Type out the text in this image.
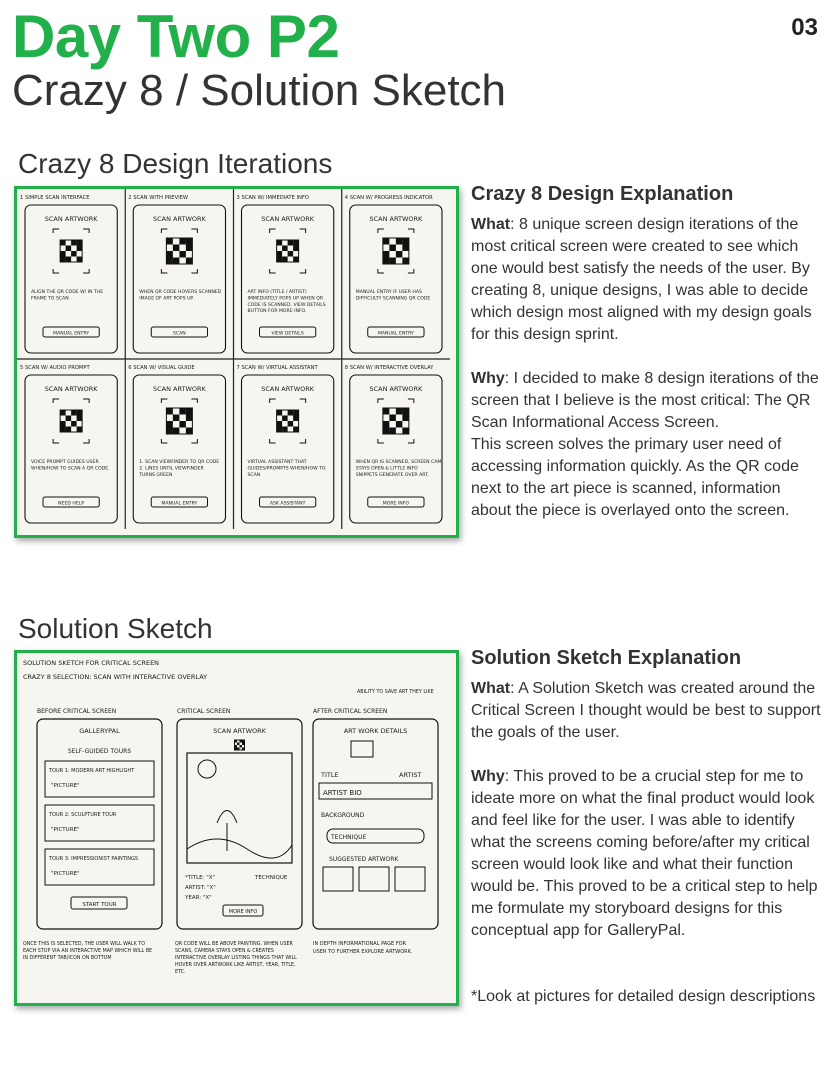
Day Two P2
Crazy 8 / Solution Sketch
03
Crazy 8 Design Iterations
1 SIMPLE SCAN INTERFACE
SCAN ARTWORK
ALIGN THE QR CODE W/ IN THE
FRAME TO SCAN
MANUAL ENTRY
2 SCAN WITH PREVIEW
SCAN ARTWORK
WHEN QR CODE HOVERS SCANNED
IMAGE OF ART POPS UP
SCAN
3 SCAN W/ IMMEDIATE INFO
SCAN ARTWORK
ART INFO (TITLE / ARTIST)
IMMEDIATELY POPS UP WHEN QR
CODE IS SCANNED. VIEW DETAILS
BUTTON FOR MORE INFO.
VIEW DETAILS
4 SCAN W/ PROGRESS INDICATOR
SCAN ARTWORK
MANUAL ENTRY IF USER HAS
DIFFICULTY SCANNING QR CODE
MANUAL ENTRY
5 SCAN W/ AUDIO PROMPT
SCAN ARTWORK
VOICE PROMPT GUIDES USER
WHEN/HOW TO SCAN A QR CODE.
NEED HELP
6 SCAN W/ VISUAL GUIDE
SCAN ARTWORK
1. SCAN VIEWFINDER TO QR CODE
2. LINES UNTIL VIEWFINDER
TURNS GREEN
MANUAL ENTRY
7 SCAN W/ VIRTUAL ASSISTANT
SCAN ARTWORK
VIRTUAL ASSISTANT THAT
GUIDES/PROMPTS WHEN/HOW TO
SCAN
ASK ASSISTANT
8 SCAN W/ INTERACTIVE OVERLAY
SCAN ARTWORK
WHEN QR IS SCANNED, SCREEN CAM
STAYS OPEN & LITTLE INFO
SNIPPETS GENERATE OVER ART.
MORE INFO
Crazy 8 Design Explanation

What: 8 unique screen design iterations of the most critical screen were created to see which one would best satisfy the needs of the user. By creating 8, unique designs, I was able to decide which design most aligned with my design goals for this design sprint.

Why: I decided to make 8 design iterations of the screen that I believe is the most critical: The QR Scan Informational Access Screen.

This screen solves the primary user need of accessing information quickly. As the QR code next to the art piece is scanned, information about the piece is overlayed onto the screen.

Solution Sketch
SOLUTION SKETCH FOR CRITICAL SCREEN
CRAZY 8 SELECTION: SCAN WITH INTERACTIVE OVERLAY
ABILITY TO SAVE ART THEY LIKE
BEFORE CRITICAL SCREEN
GALLERYPAL
SELF-GUIDED TOURS
TOUR 1: MODERN ART HIGHLIGHT
"PICTURE"
TOUR 2: SCULPTURE TOUR
"PICTURE"
TOUR 3: IMPRESSIONIST PAINTINGS
"PICTURE"
START TOUR
CRITICAL SCREEN
SCAN ARTWORK
*TITLE: "X"
ARTIST: "X"
YEAR: "X"
TECHNIQUE
MORE INFO
AFTER CRITICAL SCREEN
ART WORK DETAILS
TITLE	ARTIST
ARTIST BIO
BACKGROUND
TECHNIQUE
SUGGESTED ARTWORK
ONCE THIS IS SELECTED, THE USER WILL WALK TO
EACH STOP VIA AN INTERACTIVE MAP WHICH WILL BE
IN DIFFERENT TAB/ICON ON BOTTOM
QR CODE WILL BE ABOVE PAINTING. WHEN USER
SCANS, CAMERA STAYS OPEN & CREATES
INTERACTIVE OVERLAY LISTING THINGS THAT WILL
HOVER OVER ARTWORK LIKE ARTIST, YEAR, TITLE,
ETC.
IN DEPTH INFORMATIONAL PAGE FOR
USER TO FURTHER EXPLORE ARTWORK.
Solution Sketch Explanation

What: A Solution Sketch was created around the Critical Screen I thought would be best to support the goals of the user.

Why: This proved to be a crucial step for me to ideate more on what the final product would look and feel like for the user. I was able to identify what the screens coming before/after my critical screen would look like and what their function would be. This proved to be a critical step to help me formulate my storyboard designs for this conceptual app for GalleryPal.

*Look at pictures for detailed design descriptions
